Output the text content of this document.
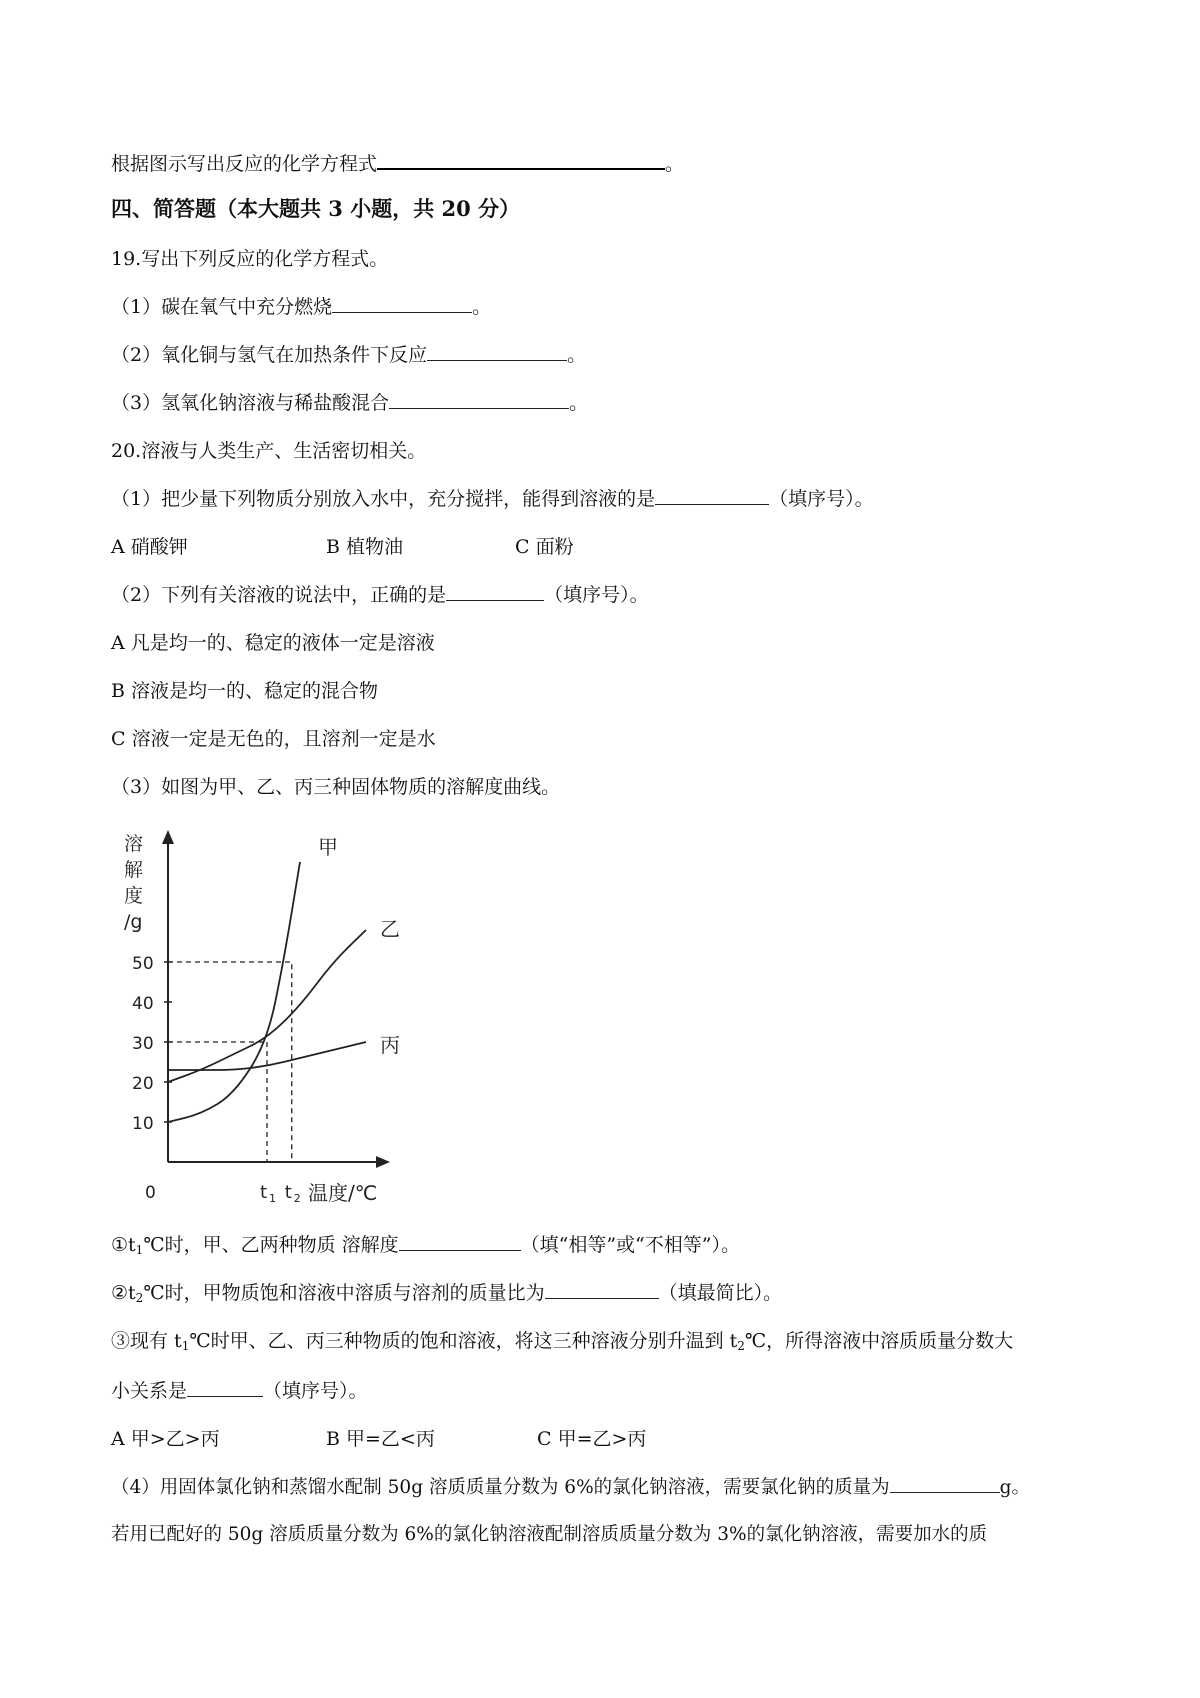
根据图示写出反应的化学方程式	。
四、简答题（本大题共 3 小题，共 20 分）
19.写出下列反应的化学方程式。
（1）碳在氧气中充分燃烧	。
（2）氧化铜与氢气在加热条件下反应	。
（3）氢氧化钠溶液与稀盐酸混合	。
20.溶液与人类生产、生活密切相关。
（1）把少量下列物质分别放入水中，充分搅拌，能得到溶液的是	（填序号）。
A 硝酸钾	B 植物油	C 面粉
（2）下列有关溶液的说法中，正确的是	（填序号）。
A 凡是均一的、稳定的液体一定是溶液
B 溶液是均一的、稳定的混合物
C 溶液一定是无色的，且溶剂一定是水
（3）如图为甲、乙、丙三种固体物质的溶解度曲线。
溶
解
度
/g
10
20
30
40
50
0	t 1 t 2 温度/℃
甲
乙
丙
$①t_1℃$时，甲、乙两种物质 溶解度	（填“相等”或“不相等”）。
$②t_2℃$时，甲物质饱和溶液中溶质与溶剂的质量比为	（填最简比）。
③现有 $t_1℃$时甲、乙、丙三种物质的饱和溶液，将这三种溶液分别升温到 $t_2℃$，所得溶液中溶质质量分数大
小关系是	（填序号）。
A 甲>乙>丙	B 甲=乙<丙	C 甲=乙>丙
（4）用固体氯化钠和蒸馏水配制 50g 溶质质量分数为 6%的氯化钠溶液，需要氯化钠的质量为	g。
若用已配好的 50g 溶质质量分数为 6%的氯化钠溶液配制溶质质量分数为 3%的氯化钠溶液，需要加水的质
